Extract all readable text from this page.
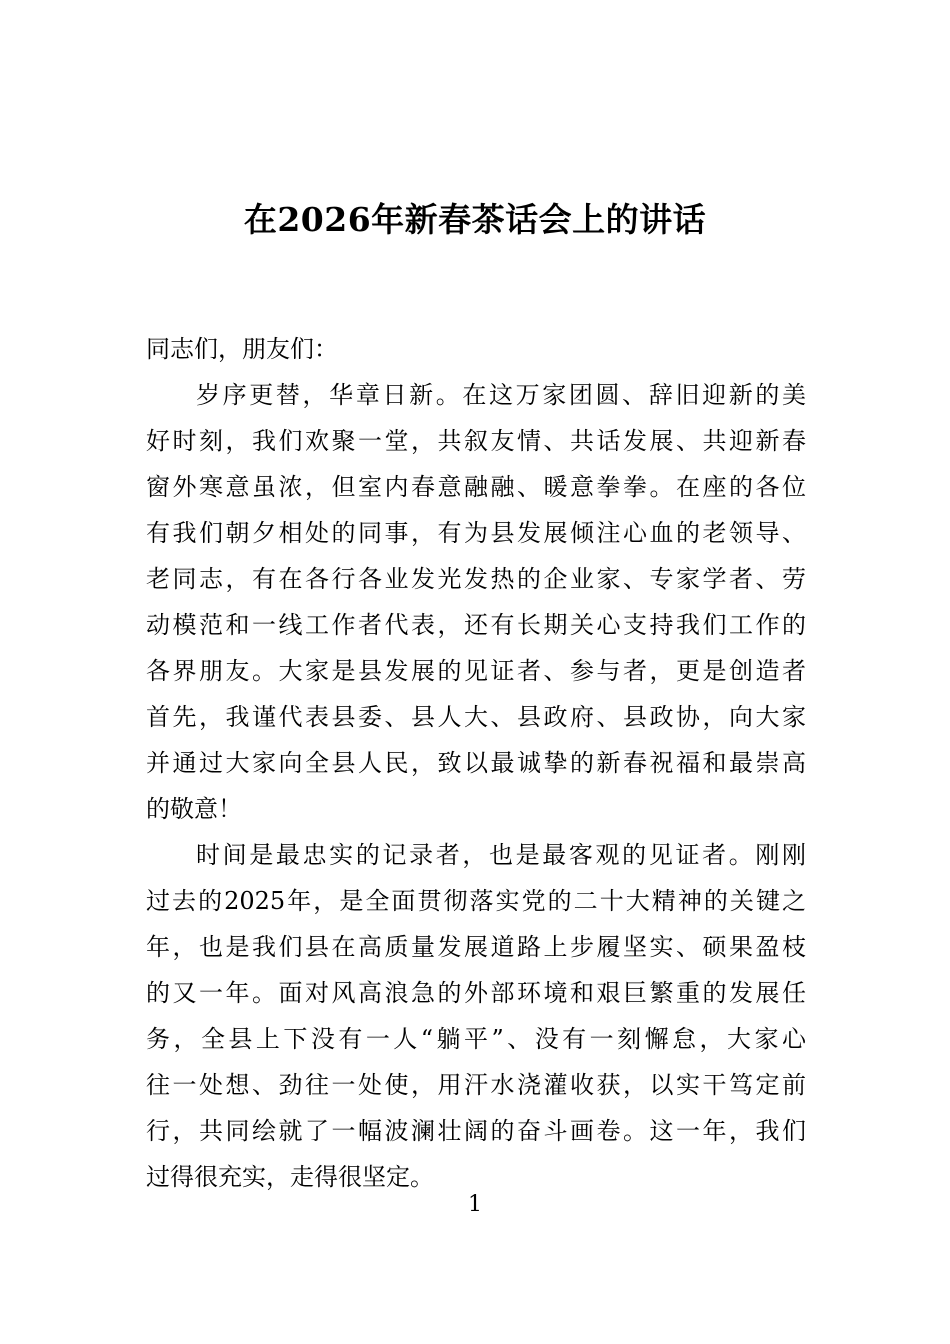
在2026年新春茶话会上的讲话
同志们，朋友们：
岁序更替，华章日新。在这万家团圆、辞旧迎新的美
好时刻，我们欢聚一堂，共叙友情、共话发展、共迎新春
窗外寒意虽浓，但室内春意融融、暖意拳拳。在座的各位
有我们朝夕相处的同事，有为县发展倾注心血的老领导、
老同志，有在各行各业发光发热的企业家、专家学者、劳
动模范和一线工作者代表，还有长期关心支持我们工作的
各界朋友。大家是县发展的见证者、参与者，更是创造者
首先，我谨代表县委、县人大、县政府、县政协，向大家
并通过大家向全县人民，致以最诚挚的新春祝福和最崇高
的敬意！
时间是最忠实的记录者，也是最客观的见证者。刚刚
过去的2025年，是全面贯彻落实党的二十大精神的关键之
年，也是我们县在高质量发展道路上步履坚实、硕果盈枝
的又一年。面对风高浪急的外部环境和艰巨繁重的发展任
务，全县上下没有一人“躺平”、没有一刻懈怠，大家心
往一处想、劲往一处使，用汗水浇灌收获，以实干笃定前
行，共同绘就了一幅波澜壮阔的奋斗画卷。这一年，我们
过得很充实，走得很坚定。
1
